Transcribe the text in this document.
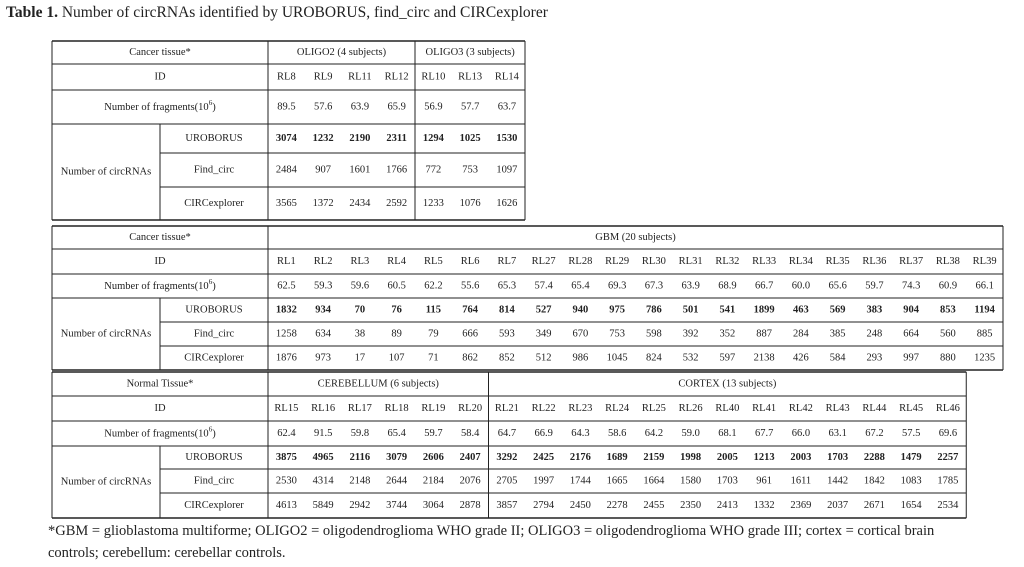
Table 1. Number of circRNAs identified by UROBORUS, find_circ and CIRCexplorer
OLIGO2 (4 subjects)	OLIGO3 (3 subjects)
Cancer tissue*
ID
Number of $fragments(10^6)$
Number of circRNAs
UROBORUS
Find_circ
CIRCexplorer
RL8
89.5
3074
2484
3565
RL9
57.6
1232
907
1372
RL11
63.9
2190
1601
2434
RL12
65.9
2311
1766
2592
RL10
56.9
1294
772
1233
RL13
57.7
1025
753
1076
RL14
63.7
1530
1097
1626
GBM (20 subjects)
Cancer tissue*
ID
Number of $fragments(10^6)$
Number of circRNAs
UROBORUS
Find_circ
CIRCexplorer
RL1
62.5
1832
1258
1876
RL2
59.3
934
634
973
RL3
59.6
70
38
17
RL4
60.5
76
89
107
RL5
62.2
115
79
71
RL6
55.6
764
666
862
RL7
65.3
814
593
852
RL27
57.4
527
349
512
RL28
65.4
940
670
986
RL29
69.3
975
753
1045
RL30
67.3
786
598
824
RL31
63.9
501
392
532
RL32
68.9
541
352
597
RL33
66.7
1899
887
2138
RL34
60.0
463
284
426
RL35
65.6
569
385
584
RL36
59.7
383
248
293
RL37
74.3
904
664
997
RL38
60.9
853
560
880
RL39
66.1
1194
885
1235
CEREBELLUM (6 subjects)	CORTEX (13 subjects)
Normal Tissue*
ID
Number of $fragments(10^6)$
Number of circRNAs
UROBORUS
Find_circ
CIRCexplorer
RL15
62.4
3875
2530
4613
RL16
91.5
4965
4314
5849
RL17
59.8
2116
2148
2942
RL18
65.4
3079
2644
3744
RL19
59.7
2606
2184
3064
RL20
58.4
2407
2076
2878
RL21
64.7
3292
2705
3857
RL22
66.9
2425
1997
2794
RL23
64.3
2176
1744
2450
RL24
58.6
1689
1665
2278
RL25
64.2
2159
1664
2455
RL26
59.0
1998
1580
2350
RL40
68.1
2005
1703
2413
RL41
67.7
1213
961
1332
RL42
66.0
2003
1611
2369
RL43
63.1
1703
1442
2037
RL44
67.2
2288
1842
2671
RL45
57.5
1479
1083
1654
RL46
69.6
2257
1785
2534
*GBM = glioblastoma multiforme; OLIGO2 = oligodendroglioma WHO grade II; OLIGO3 = oligodendroglioma WHO grade III; cortex = cortical brain
controls; cerebellum: cerebellar controls.
